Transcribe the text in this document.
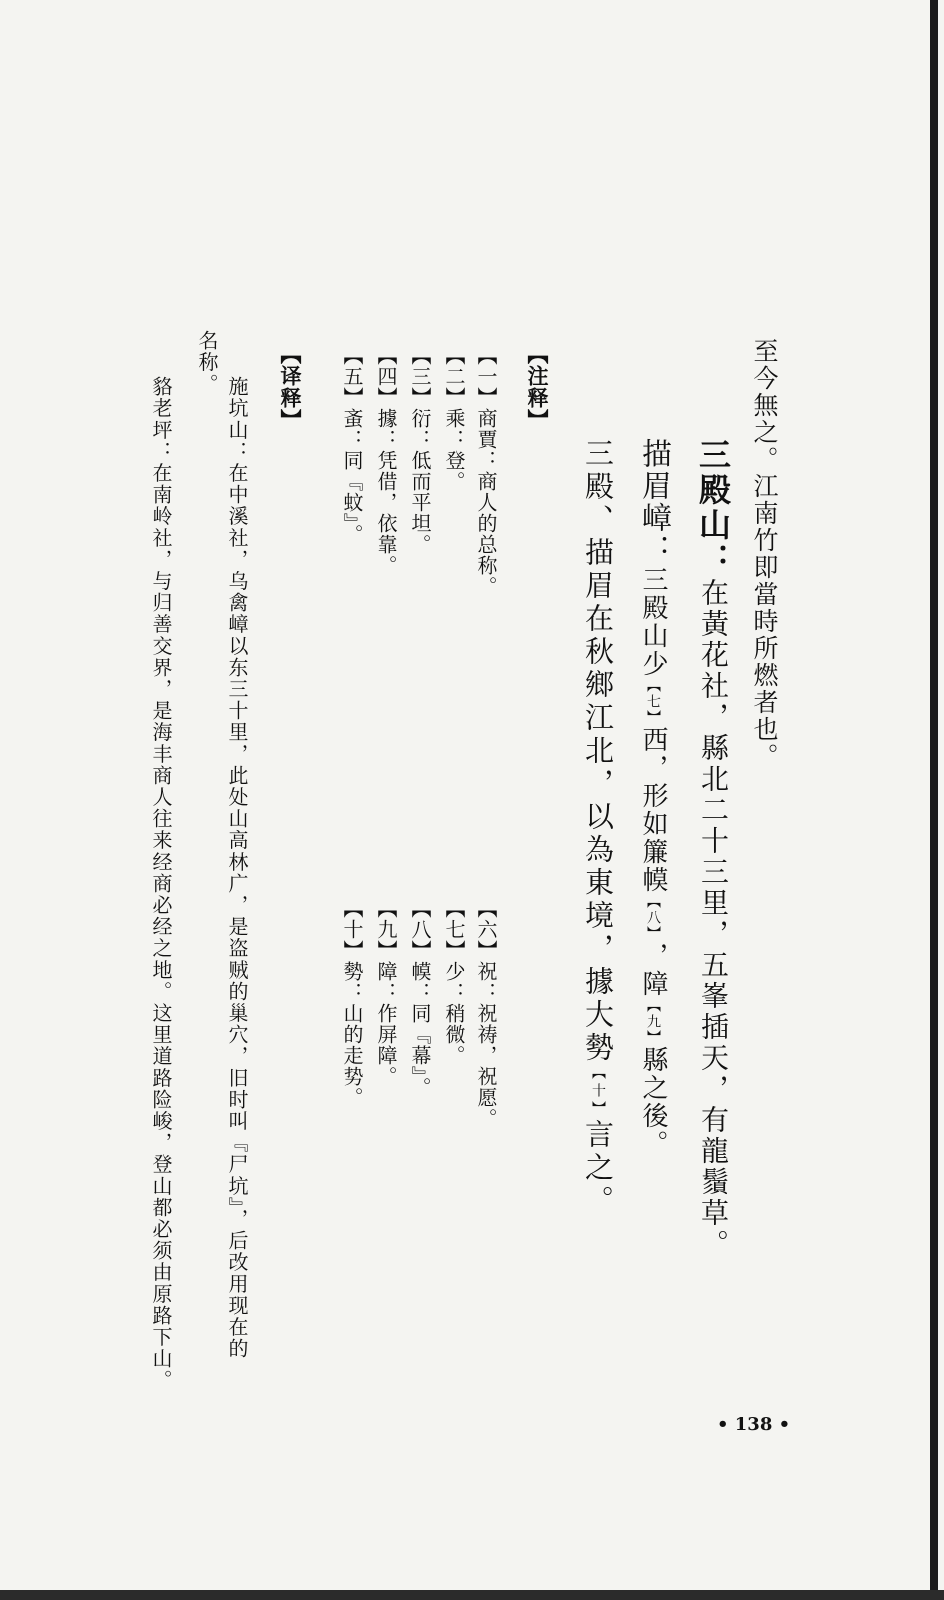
至今無之。江南竹即當時所燃者也。
三殿山：在黃花社，縣北二十三里，五峯插天，有龍鬚草。
描眉嶂：三殿山少【七】西，形如簾幙【八】，障【九】縣之後。
三殿、描眉在秋鄉江北，以為東境，據大勢【十】言之。
【注释】
【一】商賈：商人的总称。
【二】乘：登。
【三】衍：低而平坦。
【四】據：凭借，依靠。
【五】蚉：同『蚊』。
【六】祝：祝祷，祝愿。
【七】少：稍微。
【八】幙：同『幕』。
【九】障：作屏障。
【十】勢：山的走势。
【译释】
施坑山：在中溪社，乌禽嶂以东三十里，此处山高林广，是盗贼的巢穴，旧时叫『尸坑』，后改用现在的
名称。
貉老坪：在南岭社，与归善交界，是海丰商人往来经商必经之地。这里道路险峻，登山都必须由原路下山。
• 138 •
